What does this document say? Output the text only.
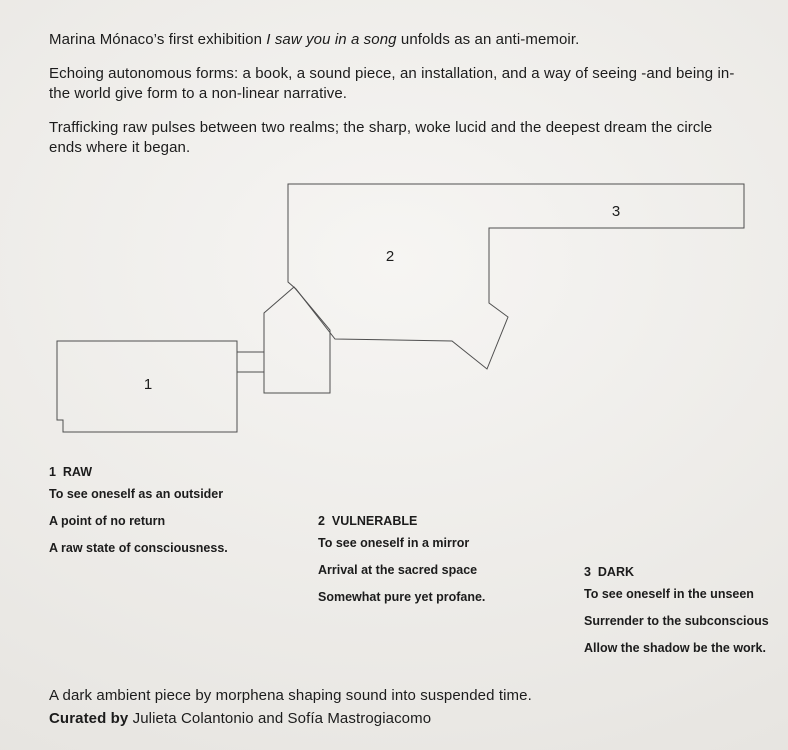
Marina Mónaco’s first exhibition I saw you in a song unfolds as an anti-memoir.

Echoing autonomous forms: a book, a sound piece, an installation, and a way of seeing -and being in- the world give form to a non-linear narrative.

Trafficking raw pulses between two realms; the sharp, woke lucid and the deepest dream the circle ends where it began.

1
2
3
1  RAW
To see oneself as an outsider
A point of no return
A raw state of consciousness.
2  VULNERABLE
To see oneself in a mirror
Arrival at the sacred space
Somewhat pure yet profane.
3  DARK
To see oneself in the unseen
Surrender to the subconscious
Allow the shadow be the work.

A dark ambient piece by morphena shaping sound into suspended time.

Curated by Julieta Colantonio and Sofía Mastrogiacomo
